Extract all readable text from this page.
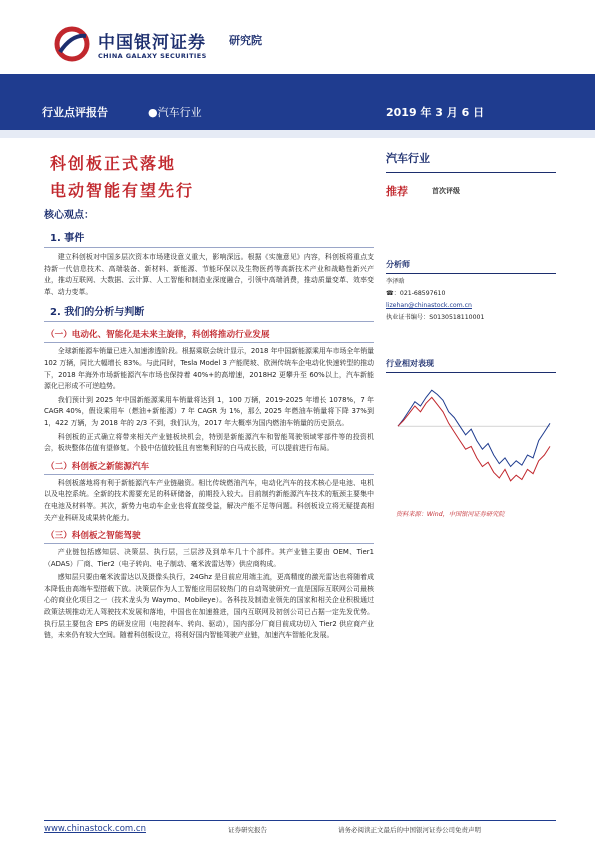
中国银河证券
CHINA GALAXY SECURITIES
研究院
行业点评报告	●汽车行业	2019 年 3 月 6 日
科创板正式落地
电动智能有望先行
核心观点：
1. 事件
建立科创板对中国多层次资本市场建设意义重大，影响深远。根据《实施意见》内容，科创板将重点支持新一代信息技术、高端装备、新材料、新能源、节能环保以及生物医药等高新技术产业和战略性新兴产业，推动互联网、大数据、云计算、人工智能和制造业深度融合，引领中高端消费，推动质量变革、效率变革、动力变革。
2. 我们的分析与判断
（一）电动化、智能化是未来主旋律，科创将推动行业发展
全球新能源车销量已进入加速渗透阶段。根据乘联会统计显示，2018 年中国新能源乘用车市场全年销量 102 万辆，同比大幅增长 83%。与此同时，Tesla Model 3 产能爬坡、欧洲传统车企电动化快速转型的推动下，2018 年海外市场新能源汽车市场也保持着 40%+的高增速，2018H2 更攀升至 60%以上，汽车新能源化已形成不可逆趋势。
我们预计到 2025 年中国新能源乘用车销量将达到 1，100 万辆，2019-2025 年增长 1078%，7 年 CAGR 40%，假设乘用车（燃油+新能源）7 年 CAGR 为 1%，那么 2025 年燃油车销量将下降 37%到 1，422 万辆，为 2018 年的 2/3 不到，我们认为，2017 年大概率为国内燃油车销量的历史顶点。
科创板的正式确立将带来相关产业链板块机会，特别是新能源汽车和智能驾驶领域零部件等的投资机会，板块整体估值有望修复。个股中估值较低且有密集利好的白马成长股，可以提前进行布局。
（二）科创板之新能源汽车
科创板落地将有利于新能源汽车产业链融资。相比传统燃油汽车，电动化汽车的技术核心是电池、电机以及电控系统。全新的技术需要充足的科研储备，前期投入较大。目前制约新能源汽车技术的瓶颈主要集中在电池及材料等。其次，新势力电动车企业也将直接受益，解决产能不足等问题。科创板设立将无疑提高相关产业科研及成果转化能力。
（三）科创板之智能驾驶
产业链包括感知层、决策层、执行层，三层涉及到单车几十个部件。其产业链主要由 OEM、Tier1（ADAS）厂商、Tier2（电子转向、电子制动、毫米波雷达等）供应商构成。
感知层只要由毫米波雷达以及摄像头执行，24Ghz 是目前应用端主流，更高精度的激光雷达也将随着成本降低由高端车型搭载下放。决策层作为人工智能应用层较热门的自动驾驶研究一直是国际互联网公司最核心的商业化项目之一（技术龙头为 Waymo、Mobileye）。各科技及制造业领先的国家和相关企业积极通过政策法规推动无人驾驶技术发展和落地，中国也在加速推进，国内互联网及初创公司已占据一定先发优势。执行层主要包含 EPS 的研发应用（电控刹车、转向、驱动），国内部分厂商目前成功切入 Tier2 供应商产业链，未来仍有较大空间。随着科创板设立，将利好国内智能驾驶产业链，加速汽车智能化发展。
汽车行业
推荐	首次评级
分析师
李泽晗
☎：021-68597610
lizehan@chinastock.com.cn
执业证书编号：S0130518110001
行业相对表现
资料来源：Wind，中国银河证券研究院
www.chinastock.com.cn	证券研究报告	请务必阅读正文最后的中国银河证券公司免责声明
